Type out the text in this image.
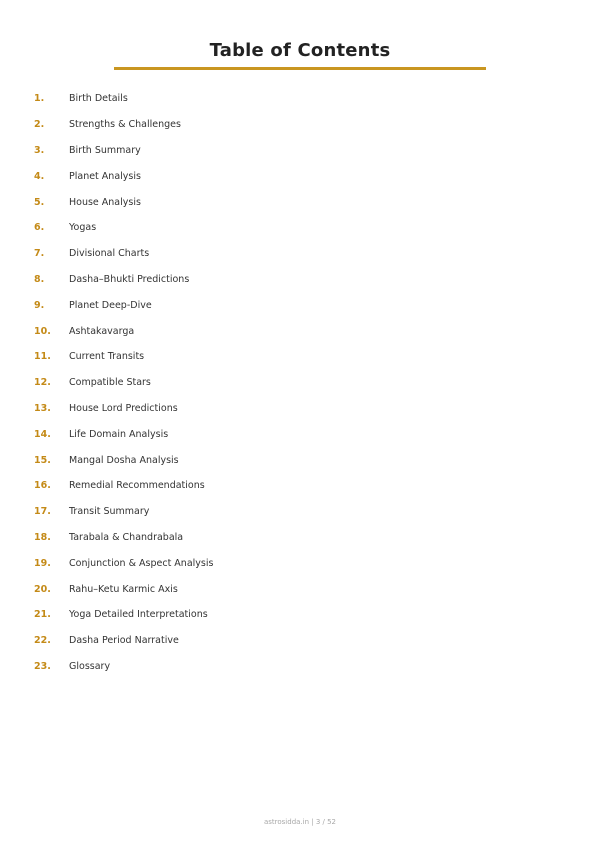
Table of Contents
1.	Birth Details
2.	Strengths & Challenges
3.	Birth Summary
4.	Planet Analysis
5.	House Analysis
6.	Yogas
7.	Divisional Charts
8.	Dasha–Bhukti Predictions
9.	Planet Deep-Dive
10.	Ashtakavarga
11.	Current Transits
12.	Compatible Stars
13.	House Lord Predictions
14.	Life Domain Analysis
15.	Mangal Dosha Analysis
16.	Remedial Recommendations
17.	Transit Summary
18.	Tarabala & Chandrabala
19.	Conjunction & Aspect Analysis
20.	Rahu–Ketu Karmic Axis
21.	Yoga Detailed Interpretations
22.	Dasha Period Narrative
23.	Glossary
astrosidda.in | 3 / 52
